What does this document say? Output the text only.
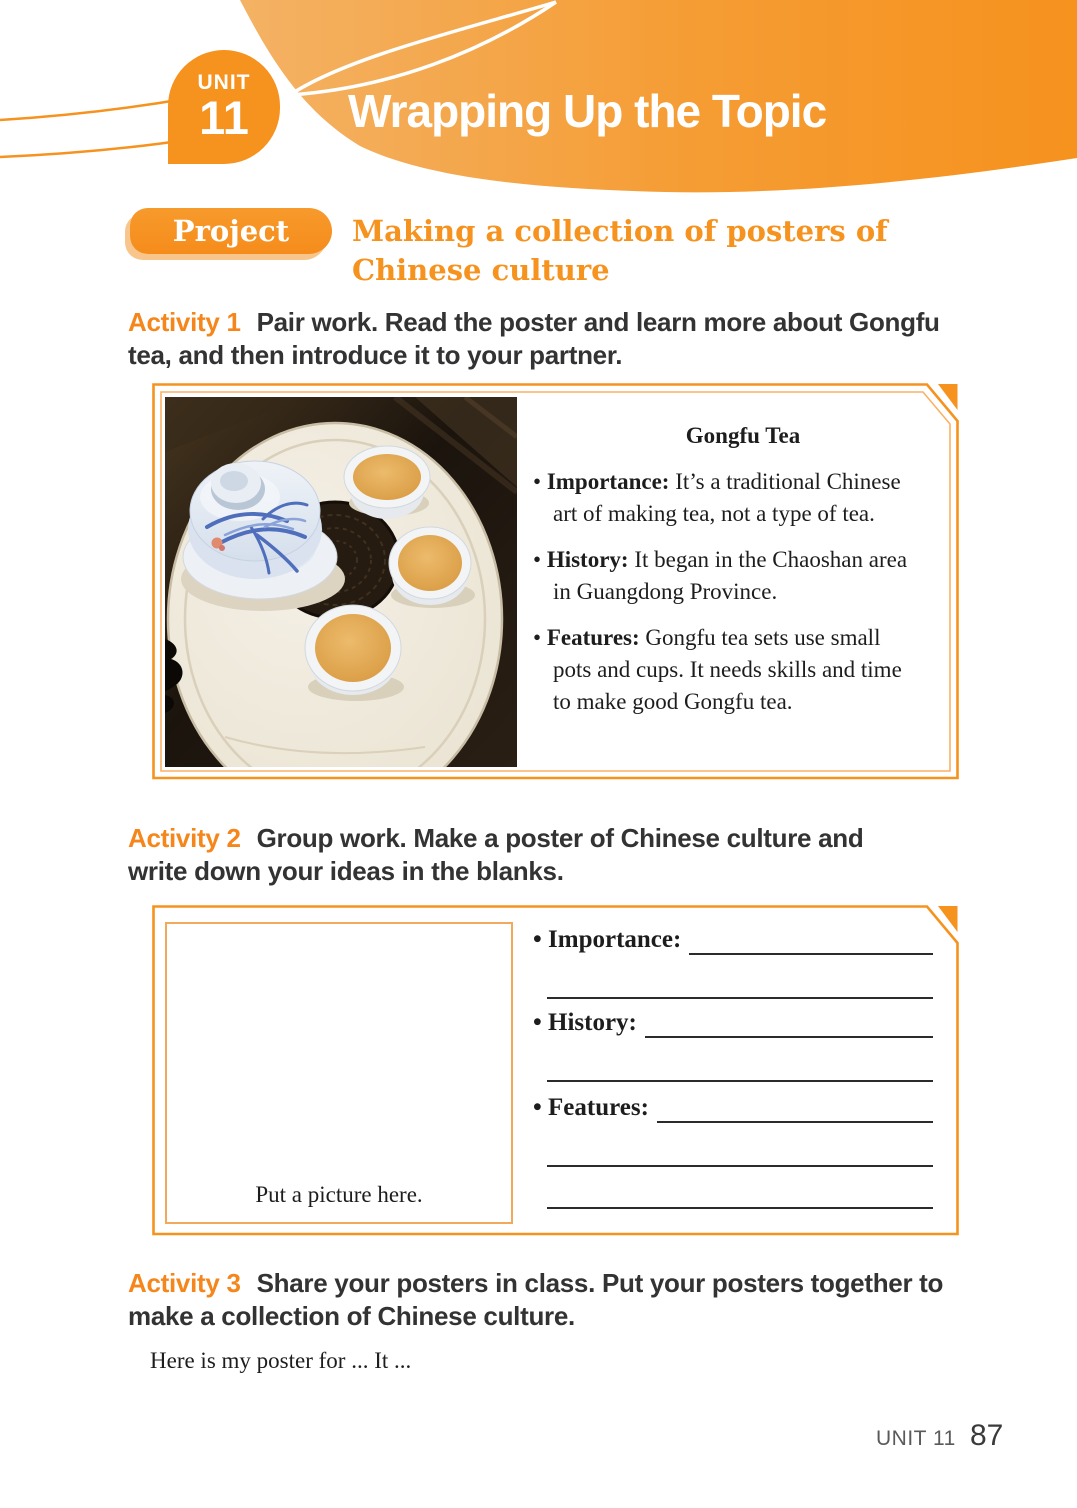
UNIT
11 Wrapping Up the Topic
Project	Making a collection of posters of Chinese culture
Activity 1 Pair work. Read the poster and learn more about Gongfu tea, and then introduce it to your partner.
Gongfu Tea
• Importance: It’s a traditional Chinese
art of making tea, not a type of tea.
• History: It began in the Chaoshan area
in Guangdong Province.
• Features: Gongfu tea sets use small
pots and cups. It needs skills and time
to make good Gongfu tea.
Activity 2 Group work. Make a poster of Chinese culture and write down your ideas in the blanks.
Put a picture here.
• Importance:
• History:
• Features:
Activity 3 Share your posters in class. Put your posters together to make a collection of Chinese culture.
Here is my poster for ... It ...
UNIT 11 87
